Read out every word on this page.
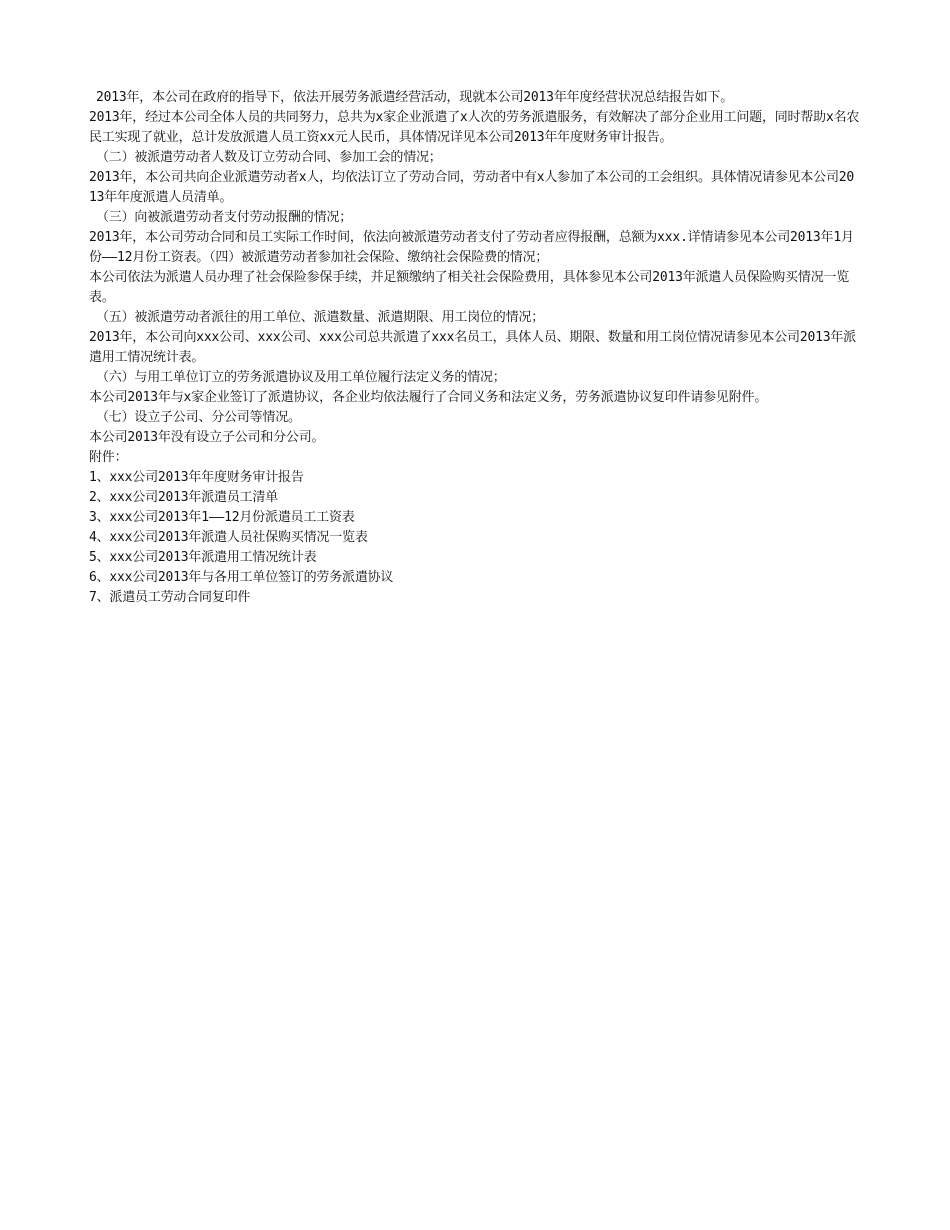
2013年，本公司在政府的指导下，依法开展劳务派遣经营活动，现就本公司2013年年度经营状况总结报告如下。

2013年，经过本公司全体人员的共同努力，总共为x家企业派遣了x人次的劳务派遣服务，有效解决了部分企业用工问题，同时帮助x名农民工实现了就业，总计发放派遣人员工资xx元人民币，具体情况详见本公司2013年年度财务审计报告。

（二）被派遣劳动者人数及订立劳动合同、参加工会的情况；

2013年，本公司共向企业派遣劳动者x人，均依法订立了劳动合同，劳动者中有x人参加了本公司的工会组织。具体情况请参见本公司2013年年度派遣人员清单。

（三）向被派遣劳动者支付劳动报酬的情况；

2013年，本公司劳动合同和员工实际工作时间，依法向被派遣劳动者支付了劳动者应得报酬，总额为xxx.详情请参见本公司2013年1月份——12月份工资表。（四）被派遣劳动者参加社会保险、缴纳社会保险费的情况；

本公司依法为派遣人员办理了社会保险参保手续，并足额缴纳了相关社会保险费用，具体参见本公司2013年派遣人员保险购买情况一览表。

（五）被派遣劳动者派往的用工单位、派遣数量、派遣期限、用工岗位的情况；

2013年，本公司向xxx公司、xxx公司、xxx公司总共派遣了xxx名员工，具体人员、期限、数量和用工岗位情况请参见本公司2013年派遣用工情况统计表。

（六）与用工单位订立的劳务派遣协议及用工单位履行法定义务的情况；

本公司2013年与x家企业签订了派遣协议，各企业均依法履行了合同义务和法定义务，劳务派遣协议复印件请参见附件。

（七）设立子公司、分公司等情况。

本公司2013年没有设立子公司和分公司。

附件：

1、xxx公司2013年年度财务审计报告

2、xxx公司2013年派遣员工清单

3、xxx公司2013年1——12月份派遣员工工资表

4、xxx公司2013年派遣人员社保购买情况一览表

5、xxx公司2013年派遣用工情况统计表

6、xxx公司2013年与各用工单位签订的劳务派遣协议

7、派遣员工劳动合同复印件
